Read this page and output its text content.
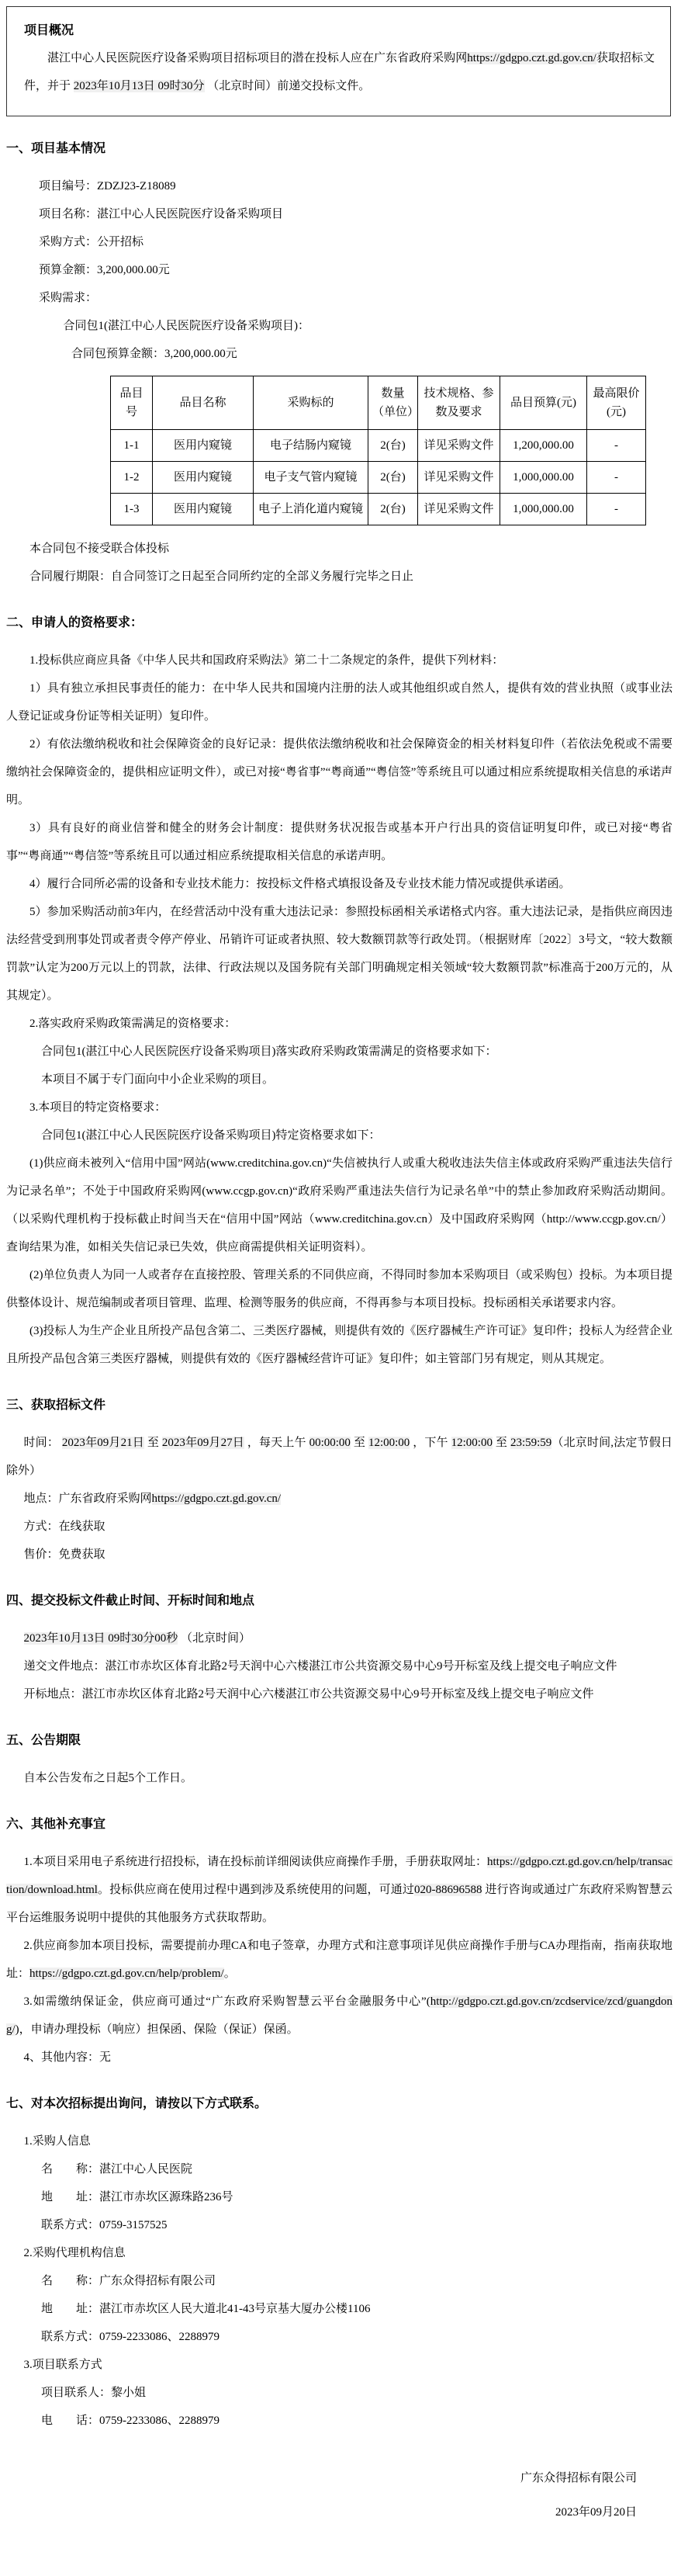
项目概况

湛江中心人民医院医疗设备采购项目招标项目的潜在投标人应在广东省政府采购网https://gdgpo.czt.gd.gov.cn/获取招标文件，并于 2023年10月13日 09时30分 （北京时间）前递交投标文件。

一、项目基本情况

项目编号：ZDZJ23-Z18089

项目名称：湛江中心人民医院医疗设备采购项目

采购方式：公开招标

预算金额：3,200,000.00元

采购需求：

合同包1(湛江中心人民医院医疗设备采购项目)：

合同包预算金额：3,200,000.00元

品目号	品目名称	采购标的	数量（单位）	技术规格、参数及要求	品目预算(元)	最高限价(元)
1-1	医用内窥镜	电子结肠内窥镜	2(台)	详见采购文件	1,200,000.00	-
1-2	医用内窥镜	电子支气管内窥镜	2(台)	详见采购文件	1,000,000.00	-
1-3	医用内窥镜	电子上消化道内窥镜	2(台)	详见采购文件	1,000,000.00	-

本合同包不接受联合体投标

合同履行期限：自合同签订之日起至合同所约定的全部义务履行完毕之日止

二、申请人的资格要求：

1.投标供应商应具备《中华人民共和国政府采购法》第二十二条规定的条件，提供下列材料：

1）具有独立承担民事责任的能力：在中华人民共和国境内注册的法人或其他组织或自然人，提供有效的营业执照（或事业法人登记证或身份证等相关证明）复印件。

2）有依法缴纳税收和社会保障资金的良好记录：提供依法缴纳税收和社会保障资金的相关材料复印件（若依法免税或不需要缴纳社会保障资金的，提供相应证明文件），或已对接“粤省事”“粤商通”“粤信签”等系统且可以通过相应系统提取相关信息的承诺声明。

3）具有良好的商业信誉和健全的财务会计制度：提供财务状况报告或基本开户行出具的资信证明复印件，或已对接“粤省事”“粤商通”“粤信签”等系统且可以通过相应系统提取相关信息的承诺声明。

4）履行合同所必需的设备和专业技术能力：按投标文件格式填报设备及专业技术能力情况或提供承诺函。

5）参加采购活动前3年内，在经营活动中没有重大违法记录：参照投标函相关承诺格式内容。重大违法记录，是指供应商因违法经营受到刑事处罚或者责令停产停业、吊销许可证或者执照、较大数额罚款等行政处罚。（根据财库〔2022〕3号文，“较大数额罚款”认定为200万元以上的罚款，法律、行政法规以及国务院有关部门明确规定相关领域“较大数额罚款”标准高于200万元的，从其规定）。

2.落实政府采购政策需满足的资格要求：

合同包1(湛江中心人民医院医疗设备采购项目)落实政府采购政策需满足的资格要求如下：

本项目不属于专门面向中小企业采购的项目。

3.本项目的特定资格要求：

合同包1(湛江中心人民医院医疗设备采购项目)特定资格要求如下：

(1)供应商未被列入“信用中国”网站(www.creditchina.gov.cn)“失信被执行人或重大税收违法失信主体或政府采购严重违法失信行为记录名单”；不处于中国政府采购网(www.ccgp.gov.cn)“政府采购严重违法失信行为记录名单”中的禁止参加政府采购活动期间。（以采购代理机构于投标截止时间当天在“信用中国”网站（www.creditchina.gov.cn）及中国政府采购网（http://www.ccgp.gov.cn/）查询结果为准，如相关失信记录已失效，供应商需提供相关证明资料）。

(2)单位负责人为同一人或者存在直接控股、管理关系的不同供应商，不得同时参加本采购项目（或采购包）投标。为本项目提供整体设计、规范编制或者项目管理、监理、检测等服务的供应商，不得再参与本项目投标。投标函相关承诺要求内容。

(3)投标人为生产企业且所投产品包含第二、三类医疗器械，则提供有效的《医疗器械生产许可证》复印件；投标人为经营企业且所投产品包含第三类医疗器械，则提供有效的《医疗器械经营许可证》复印件；如主管部门另有规定，则从其规定。

三、获取招标文件

时间： 2023年09月21日 至 2023年09月27日 ，每天上午 00:00:00 至 12:00:00 ，下午 12:00:00 至 23:59:59（北京时间,法定节假日除外）

地点：广东省政府采购网https://gdgpo.czt.gd.gov.cn/

方式：在线获取

售价：免费获取

四、提交投标文件截止时间、开标时间和地点

2023年10月13日 09时30分00秒 （北京时间）

递交文件地点：湛江市赤坎区体育北路2号天润中心六楼湛江市公共资源交易中心9号开标室及线上提交电子响应文件

开标地点：湛江市赤坎区体育北路2号天润中心六楼湛江市公共资源交易中心9号开标室及线上提交电子响应文件

五、公告期限

自本公告发布之日起5个工作日。

六、其他补充事宜

1.本项目采用电子系统进行招投标，请在投标前详细阅读供应商操作手册，手册获取网址：https://gdgpo.czt.gd.gov.cn/help/transaction/download.html。投标供应商在使用过程中遇到涉及系统使用的问题，可通过020-88696588 进行咨询或通过广东政府采购智慧云平台运维服务说明中提供的其他服务方式获取帮助。

2.供应商参加本项目投标，需要提前办理CA和电子签章，办理方式和注意事项详见供应商操作手册与CA办理指南，指南获取地址：https://gdgpo.czt.gd.gov.cn/help/problem/。

3.如需缴纳保证金，供应商可通过“广东政府采购智慧云平台金融服务中心”(http://gdgpo.czt.gd.gov.cn/zcdservice/zcd/guangdong/)，申请办理投标（响应）担保函、保险（保证）保函。

4、其他内容：无

七、对本次招标提出询问，请按以下方式联系。

1.采购人信息

名　　称：湛江中心人民医院

地　　址：湛江市赤坎区源珠路236号

联系方式：0759-3157525

2.采购代理机构信息

名　　称：广东众得招标有限公司

地　　址：湛江市赤坎区人民大道北41-43号京基大厦办公楼1106

联系方式：0759-2233086、2288979

3.项目联系方式

项目联系人：黎小姐

电　　话：0759-2233086、2288979

广东众得招标有限公司

2023年09月20日
